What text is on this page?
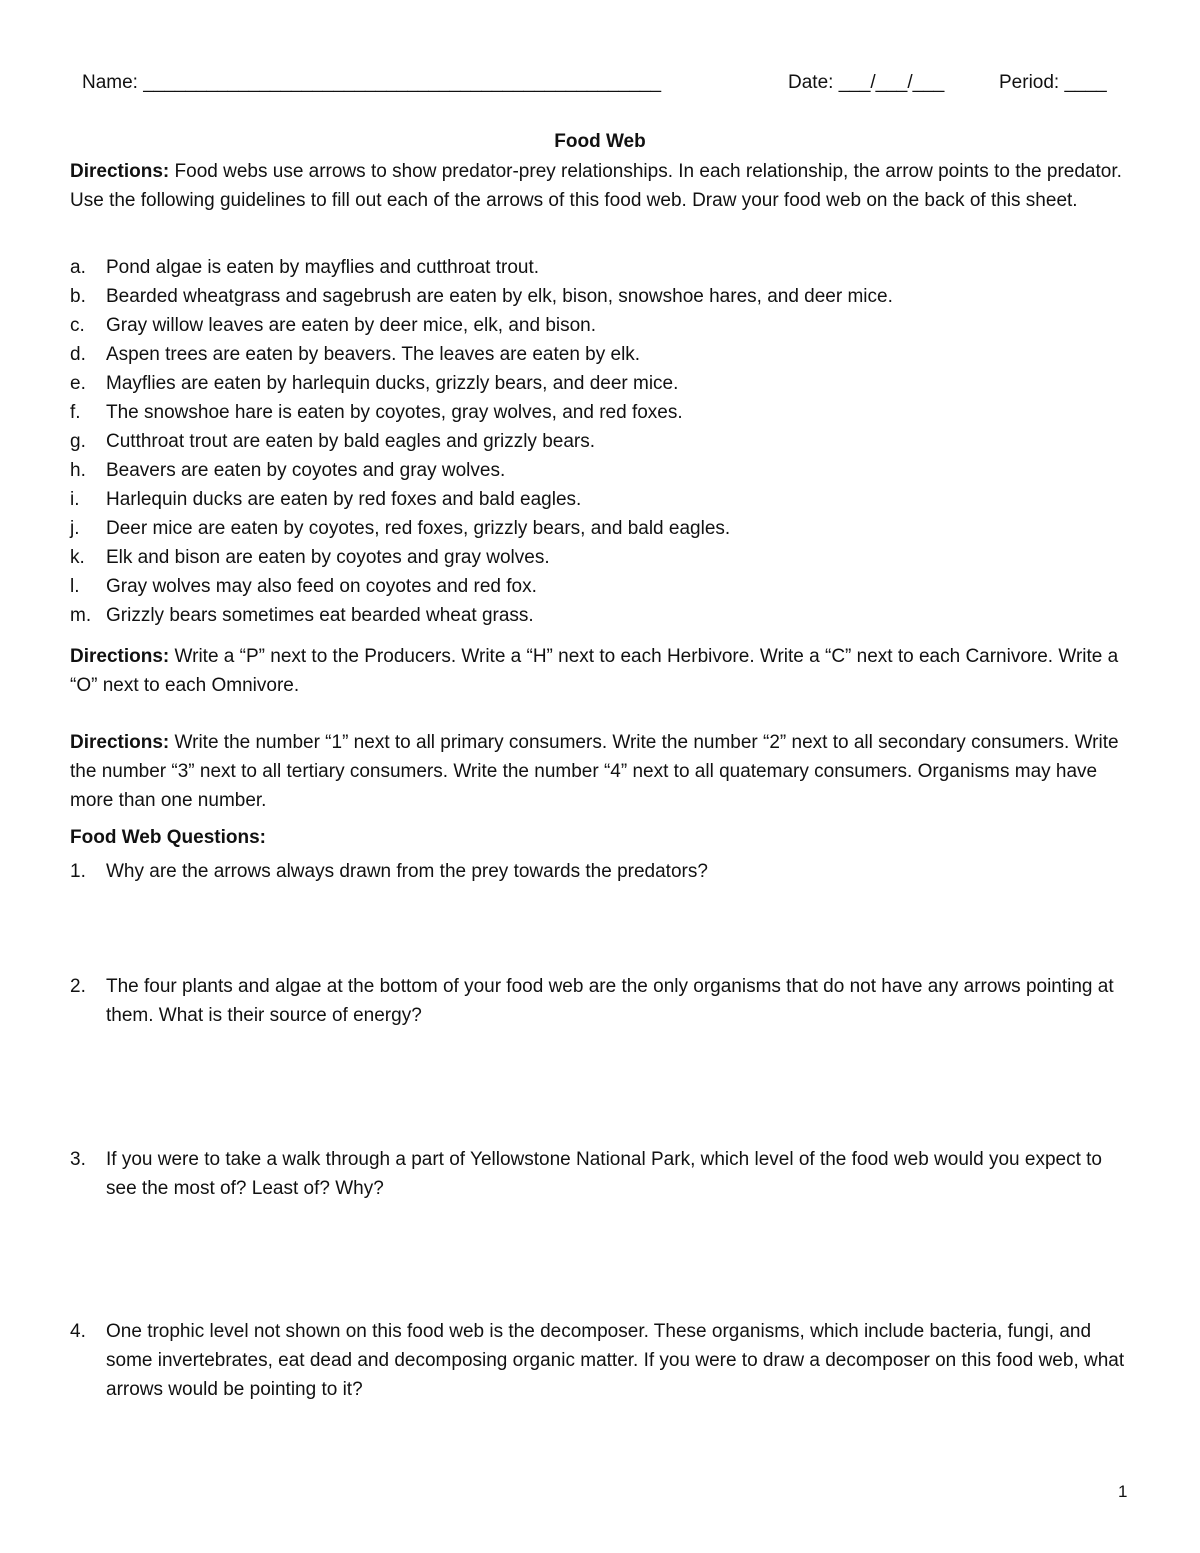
Name: _________________________________________________	Date: ___/___/___	Period: ____
Food Web
Directions: Food webs use arrows to show predator-prey relationships. In each relationship, the arrow points to the predator. Use the following guidelines to fill out each of the arrows of this food web. Draw your food web on the back of this sheet.
a. Pond algae is eaten by mayflies and cutthroat trout.
b. Bearded wheatgrass and sagebrush are eaten by elk, bison, snowshoe hares, and deer mice.
c. Gray willow leaves are eaten by deer mice, elk, and bison.
d. Aspen trees are eaten by beavers. The leaves are eaten by elk.
e. Mayflies are eaten by harlequin ducks, grizzly bears, and deer mice.
f. The snowshoe hare is eaten by coyotes, gray wolves, and red foxes.
g. Cutthroat trout are eaten by bald eagles and grizzly bears.
h. Beavers are eaten by coyotes and gray wolves.
i. Harlequin ducks are eaten by red foxes and bald eagles.
j. Deer mice are eaten by coyotes, red foxes, grizzly bears, and bald eagles.
k. Elk and bison are eaten by coyotes and gray wolves.
l. Gray wolves may also feed on coyotes and red fox.
m. Grizzly bears sometimes eat bearded wheat grass.
Directions: Write a “P” next to the Producers. Write a “H” next to each Herbivore. Write a “C” next to each Carnivore. Write a “O” next to each Omnivore.
Directions: Write the number “1” next to all primary consumers. Write the number “2” next to all secondary consumers. Write the number “3” next to all tertiary consumers. Write the number “4” next to all quatemary consumers. Organisms may have more than one number.
Food Web Questions:
1. Why are the arrows always drawn from the prey towards the predators?
2. The four plants and algae at the bottom of your food web are the only organisms that do not have any arrows pointing at them. What is their source of energy?
3. If you were to take a walk through a part of Yellowstone National Park, which level of the food web would you expect to see the most of? Least of? Why?
4. One trophic level not shown on this food web is the decomposer. These organisms, which include bacteria, fungi, and some invertebrates, eat dead and decomposing organic matter. If you were to draw a decomposer on this food web, what arrows would be pointing to it?
1
